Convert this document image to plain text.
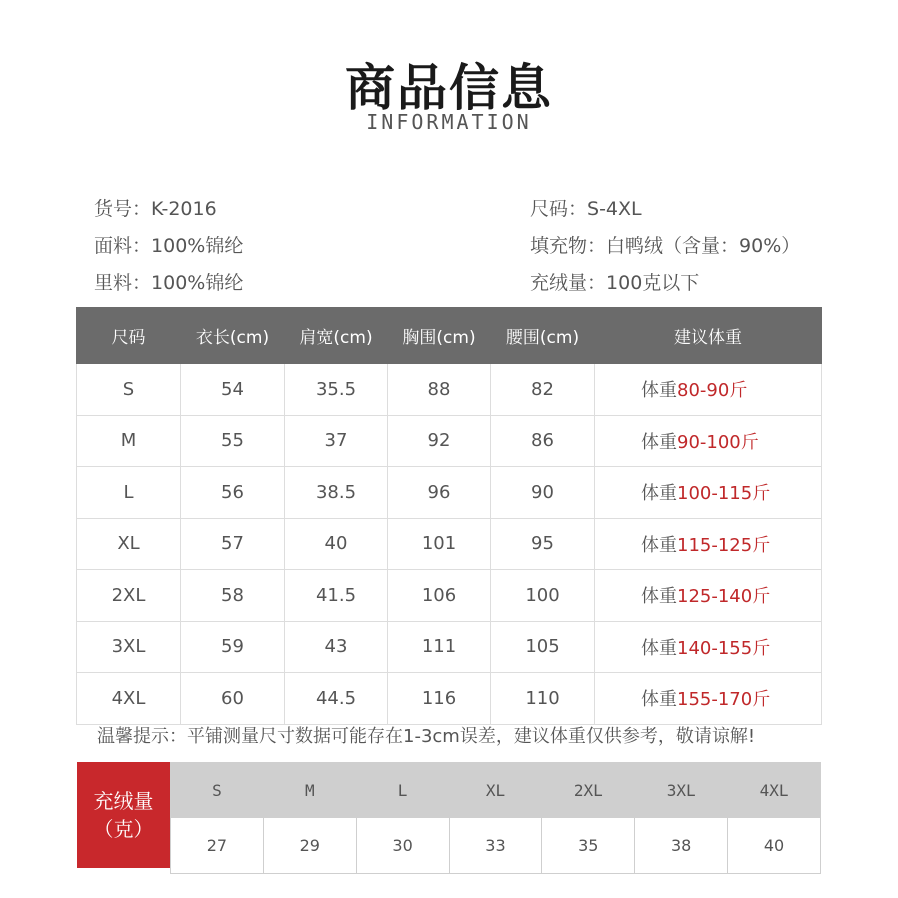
商品信息
INFORMATION
货号：K-2016
面料：100%锦纶
里料：100%锦纶
尺码：S-4XL
填充物：白鸭绒（含量：90%）
充绒量：100克以下
尺码	衣长(cm)	肩宽(cm)	胸围(cm)	腰围(cm)	建议体重
S	54	35.5	88	82	体重80-90斤
M	55	37	92	86	体重90-100斤
L	56	38.5	96	90	体重100-115斤
XL	57	40	101	95	体重115-125斤
2XL	58	41.5	106	100	体重125-140斤
3XL	59	43	111	105	体重140-155斤
4XL	60	44.5	116	110	体重155-170斤
温馨提示：平铺测量尺寸数据可能存在1-3cm误差，建议体重仅供参考，敬请谅解!
充绒量
（克）
S	M	L	XL	2XL	3XL	4XL
27	29	30	33	35	38	40
